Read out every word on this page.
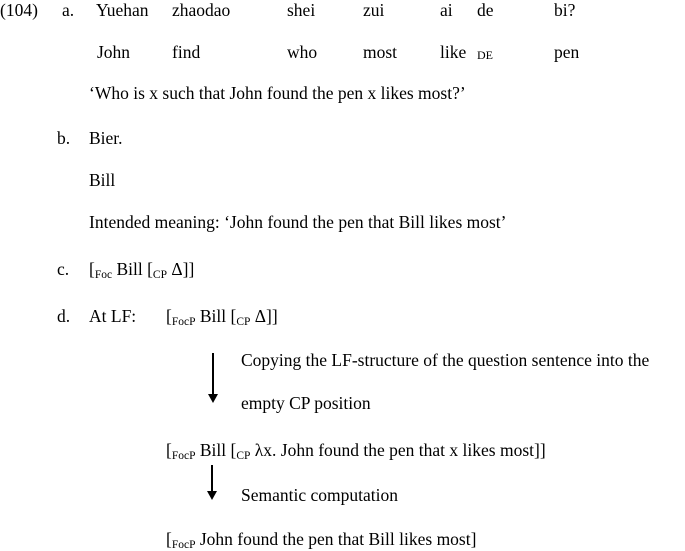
(104) a. Yuehan zhaodao	shei	zui	ai de	bi?
John find	who	most like DE	pen
‘Who is x such that John found the pen x likes most?’
b. Bier.
Bill
Intended meaning: ‘John found the pen that Bill likes most’
c. [$_{Foc}$ Bill [$_{CP}$ Δ]]
d. At LF: [$_{FocP}$ Bill [$_{CP}$ Δ]]
Copying the LF-structure of the question sentence into the
empty CP position
[$_{FocP}$ Bill [$_{CP}$ λx. John found the pen that x likes most]]
Semantic computation
[$_{FocP}$ John found the pen that Bill likes most]
